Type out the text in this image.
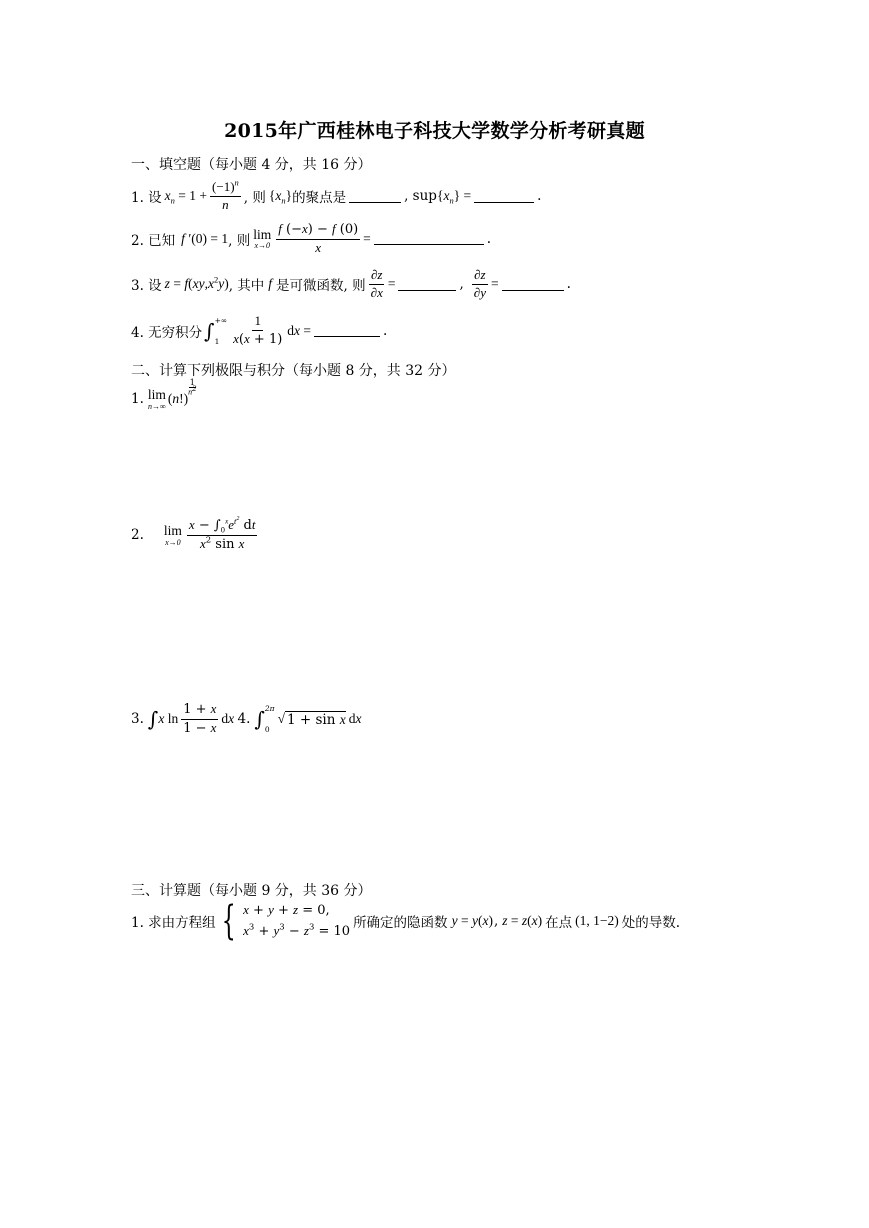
2015年广西桂林电子科技大学数学分析考研真题
一、填空题（每小题 4 分，共 16 分）
1. 设 $x_n = 1 + \frac{(-1)^n}{n}$ , 则 $\{x_n\}$ 的聚点是	, sup $\{x_n\}$ =	.
2. 已知 f ′(0) = 1 , 则 lim
$x\to 0 \frac{f (-x) - f (0)}{x}$ =	.
3. 设 z = f $(xy,x^2y)$ , 其中 f 是可微函数, 则 $\frac{\partial z}{\partial x}$ =	, $\frac{\partial z}{\partial y}$ =	.
4. 无穷积分 ∫ +∞
$1 \frac{1}{x(x + 1)}$ dx =	.
二、计算下列极限与积分（每小题 8 分，共 32 分）
1. lim
n→∞ (n!)
1
$n^2$
2. lim
$x\to 0 \frac{x - \int_0^xe^{t^2} dt}{x^2 \sin x}$
3. ∫ x $\ln \frac{1 + x}{1 - x}$ dx 4. ∫ 2π
0
√ 1 + sin x dx
三、计算题（每小题 9 分，共 36 分）
1. 求由方程组 { x + y + z = 0,
$x^3 + y^3 - z^3 = 10$
所确定的隐函数 y = y (x) , z = z (x) 在点 (1, 1−2) 处的导数.
